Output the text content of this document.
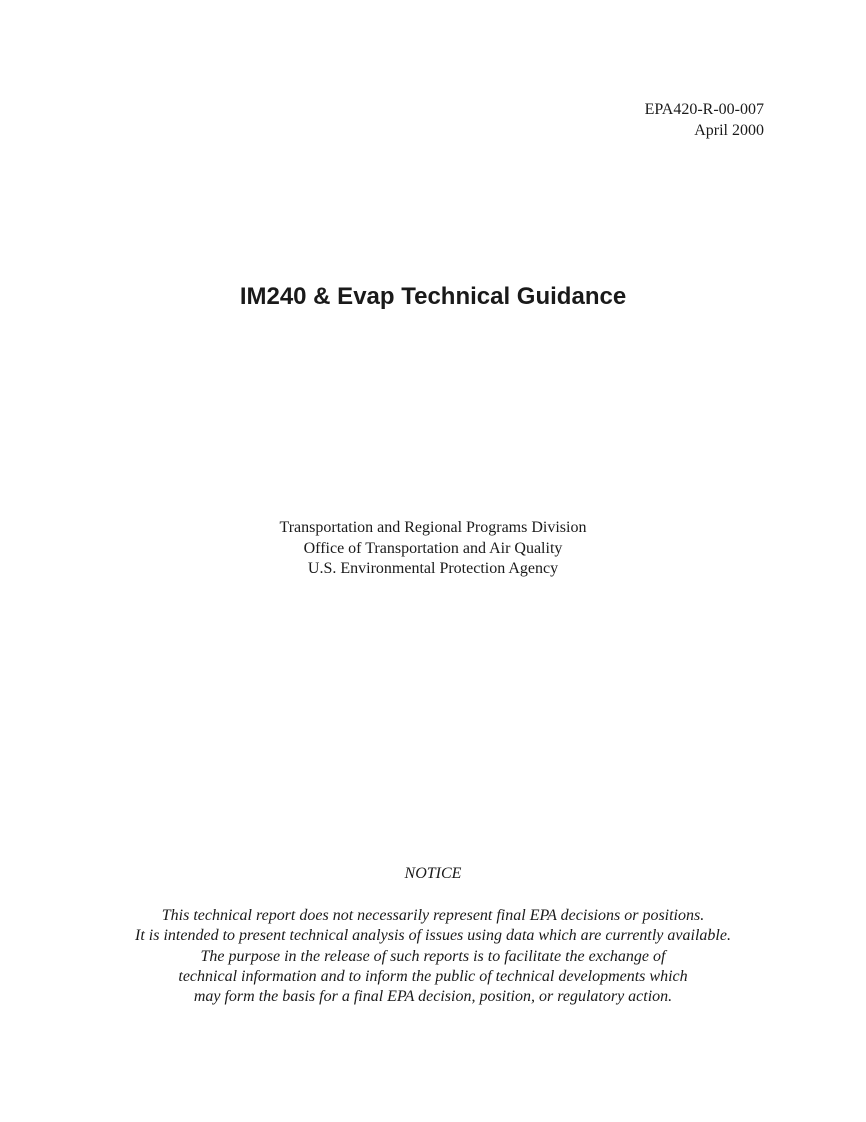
EPA420-R-00-007
April 2000
IM240 & Evap Technical Guidance
Transportation and Regional Programs Division
Office of Transportation and Air Quality
U.S. Environmental Protection Agency
NOTICE
This technical report does not necessarily represent final EPA decisions or positions.
It is intended to present technical analysis of issues using data which are currently available.
The purpose in the release of such reports is to facilitate the exchange of
technical information and to inform the public of technical developments which
may form the basis for a final EPA decision, position, or regulatory action.
